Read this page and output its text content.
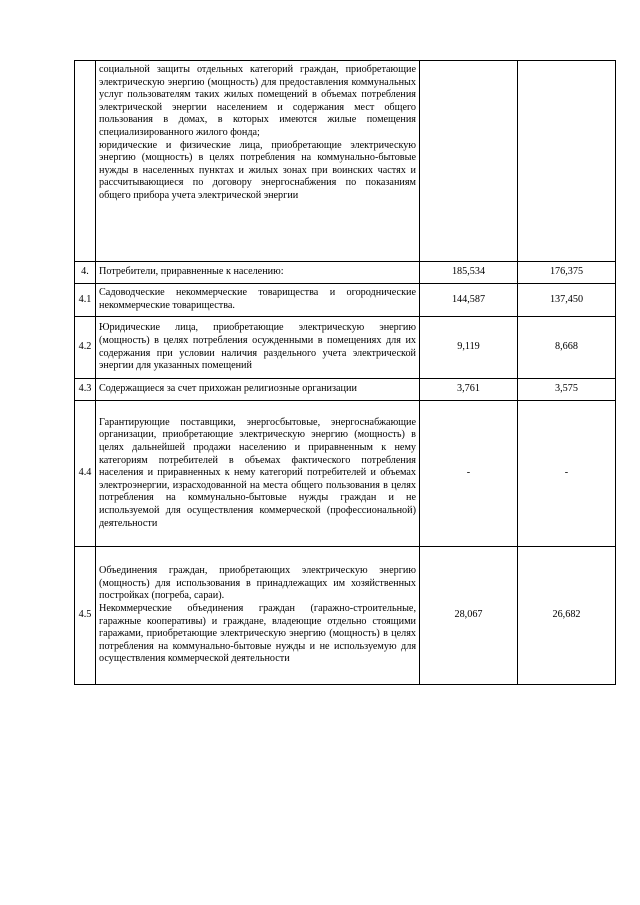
	социальной защиты отдельных категорий граждан, приобретающие электрическую энергию (мощность) для предоставления коммунальных услуг пользователям таких жилых помещений в объемах потребления электрической энергии населением и содержания мест общего пользования в домах, в которых имеются жилые помещения специализированного жилого фонда;
юридические и физические лица, приобретающие электрическую энергию (мощность) в целях потребления на коммунально-бытовые нужды в населенных пунктах и жилых зонах при воинских частях и рассчитывающиеся по договору энергоснабжения по показаниям общего прибора учета электрической энергии		

4.	Потребители, приравненные к населению:	185,534	176,375
4.1	Садоводческие некоммерческие товарищества и огороднические некоммерческие товарищества.	144,587	137,450
4.2	Юридические лица, приобретающие электрическую энергию (мощность) в целях потребления осужденными в помещениях для их содержания при условии наличия раздельного учета электрической энергии для указанных помещений	9,119	8,668
4.3	Содержащиеся за счет прихожан религиозные организации	3,761	3,575
4.4	Гарантирующие поставщики, энергосбытовые, энергоснабжающие организации, приобретающие электрическую энергию (мощность) в целях дальнейшей продажи населению и приравненным к нему категориям потребителей в объемах фактического потребления населения и приравненных к нему категорий потребителей и объемах электроэнергии, израсходованной на места общего пользования в целях потребления на коммунально-бытовые нужды граждан и не используемой для осуществления коммерческой (профессиональной) деятельности	-	-
4.5	Объединения граждан, приобретающих электрическую энергию (мощность) для использования в принадлежащих им хозяйственных постройках (погреба, сараи).
Некоммерческие объединения граждан (гаражно-строительные, гаражные кооперативы) и граждане, владеющие отдельно стоящими гаражами, приобретающие электрическую энергию (мощность) в целях потребления на коммунально-бытовые нужды и не используемую для осуществления коммерческой деятельности	28,067	26,682
